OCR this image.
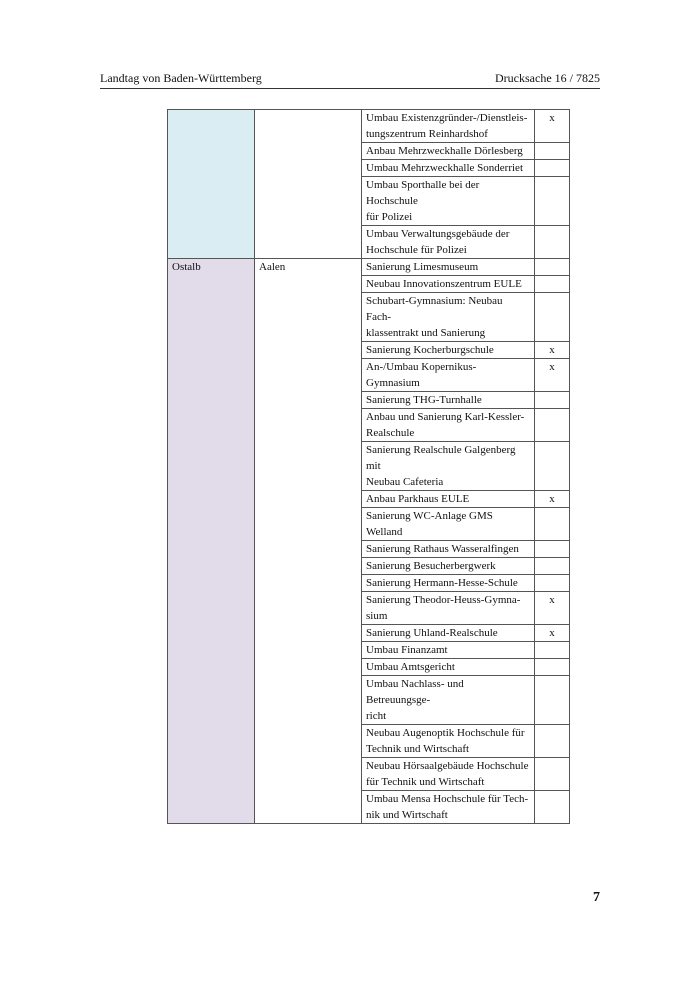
Landtag von Baden-Württemberg	Drucksache 16 / 7825

		Umbau Existenzgründer-/Dienstleis-
tungszentrum Reinhardshof	x

		Anbau Mehrzweckhalle Dörlesberg	

		Umbau Mehrzweckhalle Sonderriet	

		Umbau Sporthalle bei der Hochschule
für Polizei	

		Umbau Verwaltungsgebäude der
Hochschule für Polizei	

Ostalb	Aalen	Sanierung Limesmuseum	

		Neubau Innovationszentrum EULE	

		Schubart-Gymnasium: Neubau Fach-
klassentrakt und Sanierung	

		Sanierung Kocherburgschule	x

		An-/Umbau Kopernikus-Gymnasium	x

		Sanierung THG-Turnhalle	

		Anbau und Sanierung Karl-Kessler-
Realschule	

		Sanierung Realschule Galgenberg mit
Neubau Cafeteria	

		Anbau Parkhaus EULE	x

		Sanierung WC-Anlage GMS Welland	

		Sanierung Rathaus Wasseralfingen	

		Sanierung Besucherbergwerk	

		Sanierung Hermann-Hesse-Schule	

		Sanierung Theodor-Heuss-Gymna-
sium	x

		Sanierung Uhland-Realschule	x

		Umbau Finanzamt	

		Umbau Amtsgericht	

		Umbau Nachlass- und Betreuungsge-
richt	

		Neubau Augenoptik Hochschule für
Technik und Wirtschaft	

		Neubau Hörsaalgebäude Hochschule
für Technik und Wirtschaft	

		Umbau Mensa Hochschule für Tech-
nik und Wirtschaft	

7
